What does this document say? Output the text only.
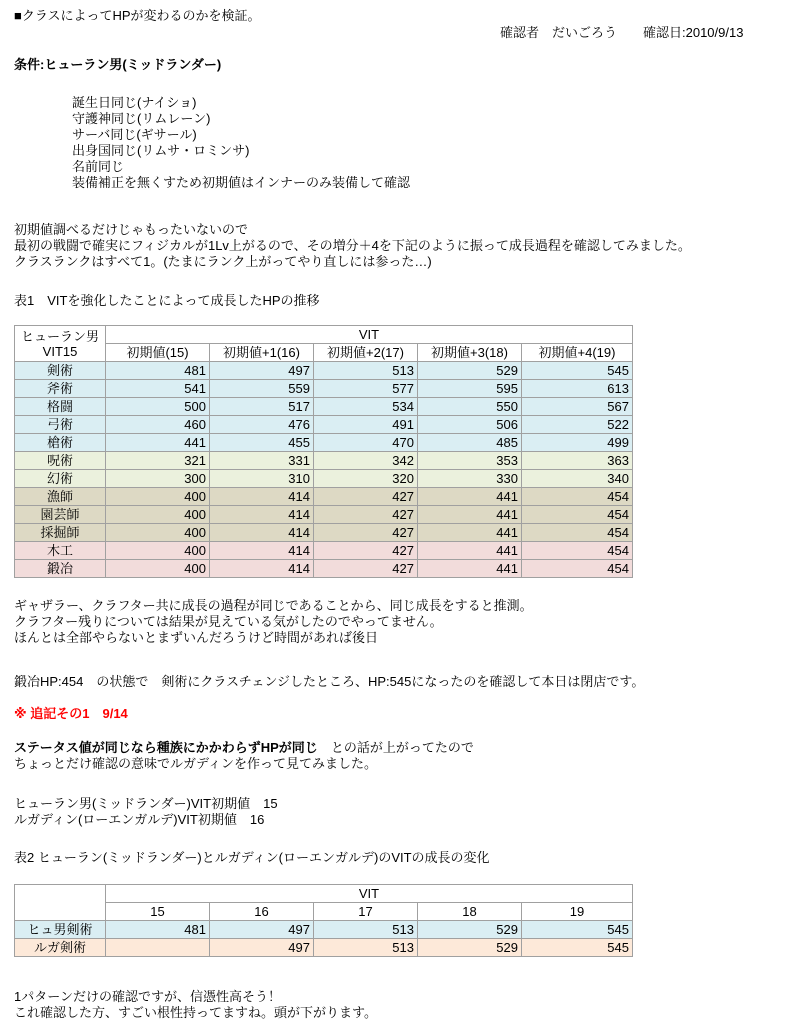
■クラスによってHPが変わるのかを検証。
確認者　だいごろう　　確認日:2010/9/13
条件:ヒューラン男(ミッドランダー)
誕生日同じ(ナイショ)
守護神同じ(リムレーン)
サーバ同じ(ギサール)
出身国同じ(リムサ・ロミンサ)
名前同じ
装備補正を無くすため初期値はインナーのみ装備して確認
初期値調べるだけじゃもったいないので
最初の戦闘で確実にフィジカルが1Lv上がるので、その増分＋4を下記のように振って成長過程を確認してみました。
クラスランクはすべて1。(たまにランク上がってやり直しには参った…)
表1　VITを強化したことによって成長したHPの推移
ヒューラン男
VIT15	VIT				
	初期値(15)	初期値+1(16)	初期値+2(17)	初期値+3(18)	初期値+4(19)
剣術	481	497	513	529	545
斧術	541	559	577	595	613
格闘	500	517	534	550	567
弓術	460	476	491	506	522
槍術	441	455	470	485	499
呪術	321	331	342	353	363
幻術	300	310	320	330	340
漁師	400	414	427	441	454
園芸師	400	414	427	441	454
採掘師	400	414	427	441	454
木工	400	414	427	441	454
鍛冶	400	414	427	441	454
ギャザラー、クラフター共に成長の過程が同じであることから、同じ成長をすると推測。
クラフター残りについては結果が見えている気がしたのでやってません。
ほんとは全部やらないとまずいんだろうけど時間があれば後日
鍛冶HP:454　の状態で　剣術にクラスチェンジしたところ、HP:545になったのを確認して本日は閉店です。
※ 追記その1　9/14
ステータス値が同じなら種族にかかわらずHPが同じ　との話が上がってたので
ちょっとだけ確認の意味でルガディンを作って見てみました。
ヒューラン男(ミッドランダー)VIT初期値　15
ルガディン(ローエンガルデ)VIT初期値　16
表2 ヒューラン(ミッドランダー)とルガディン(ローエンガルデ)のVITの成長の変化
	VIT				
	15	16	17	18	19
ヒュ男剣術	481	497	513	529	545
ルガ剣術		497	513	529	545
1パターンだけの確認ですが、信憑性高そう！
これ確認した方、すごい根性持ってますね。頭が下がります。
